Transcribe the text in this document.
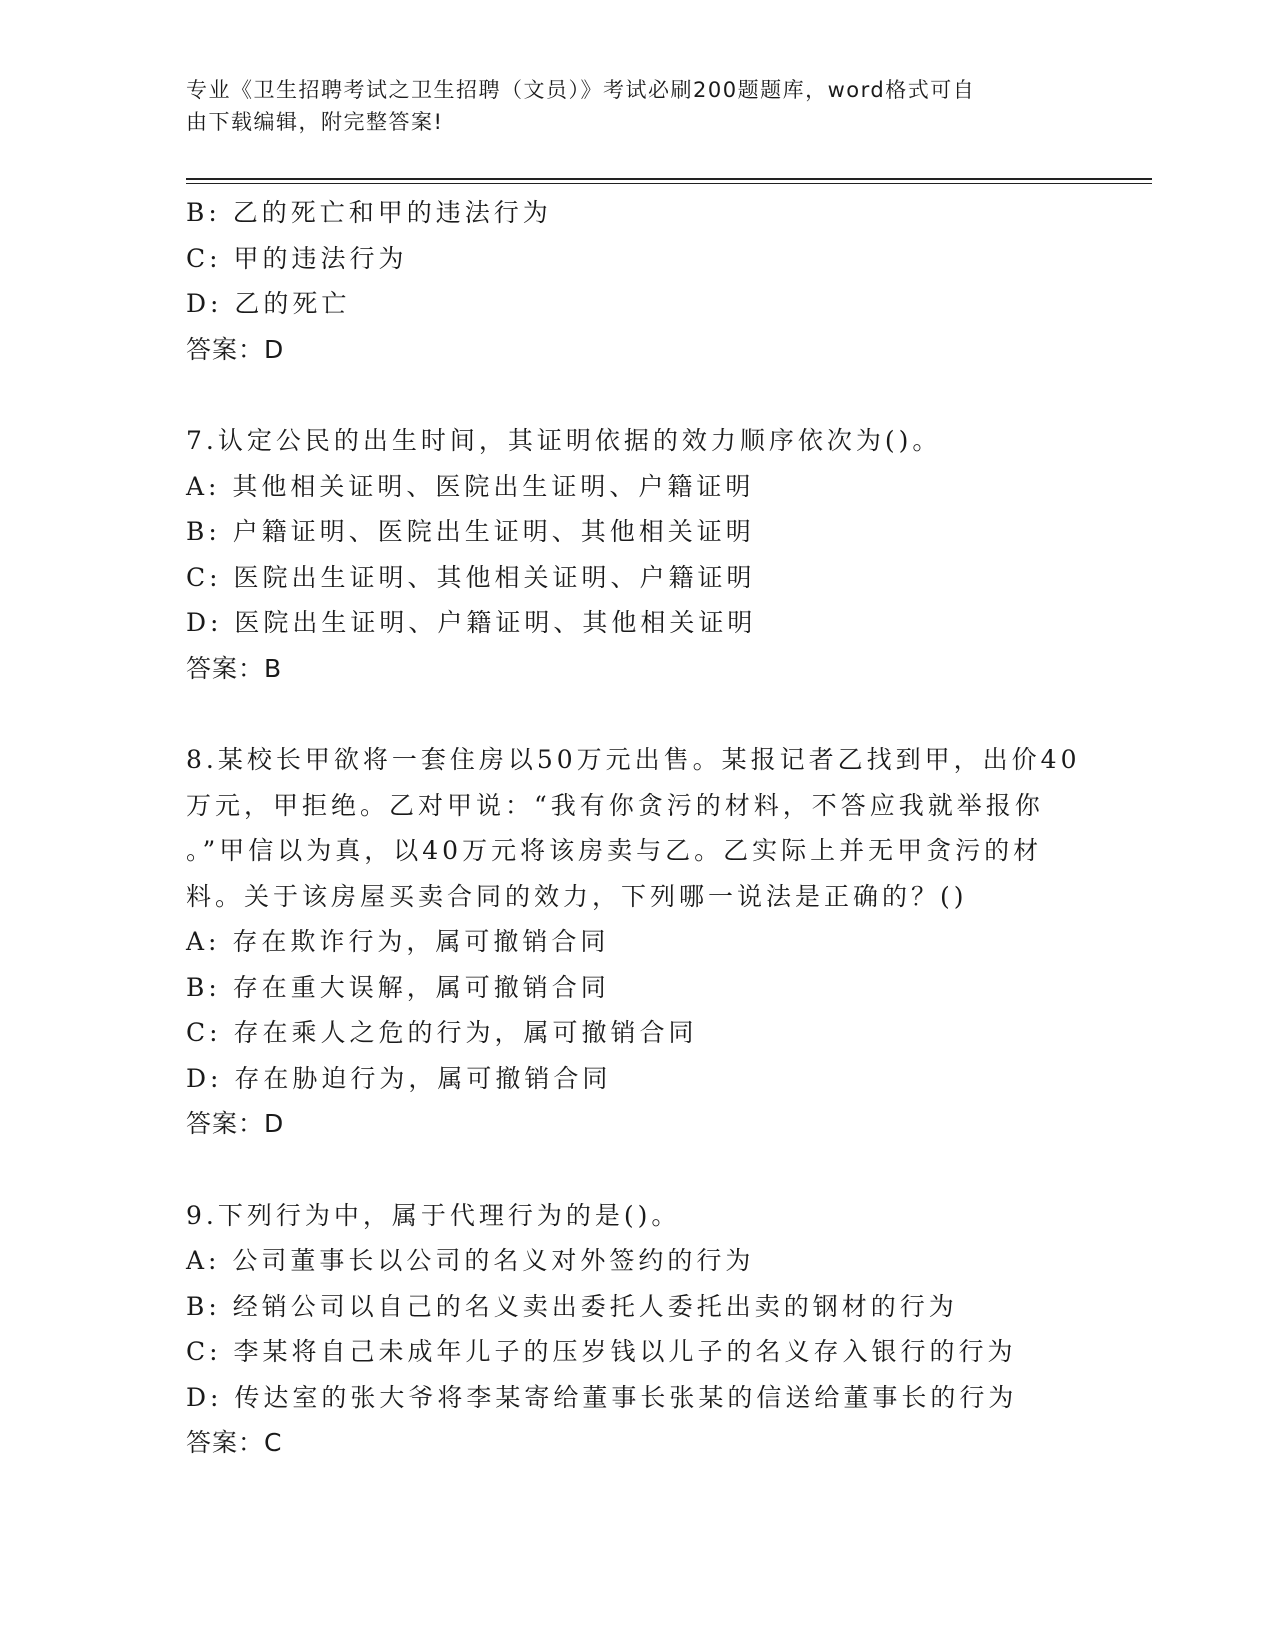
专业《卫生招聘考试之卫生招聘（文员）》考试必刷200题题库，word格式可自
由下载编辑，附完整答案!
B: 乙的死亡和甲的违法行为
C: 甲的违法行为
D: 乙的死亡
答案：D
7.认定公民的出生时间，其证明依据的效力顺序依次为()。
A: 其他相关证明、医院出生证明、户籍证明
B: 户籍证明、医院出生证明、其他相关证明
C: 医院出生证明、其他相关证明、户籍证明
D: 医院出生证明、户籍证明、其他相关证明
答案：B
8.某校长甲欲将一套住房以50万元出售。某报记者乙找到甲，出价40
万元，甲拒绝。乙对甲说：“我有你贪污的材料，不答应我就举报你
。”甲信以为真，以40万元将该房卖与乙。乙实际上并无甲贪污的材
料。关于该房屋买卖合同的效力，下列哪一说法是正确的？()
A: 存在欺诈行为，属可撤销合同
B: 存在重大误解，属可撤销合同
C: 存在乘人之危的行为，属可撤销合同
D: 存在胁迫行为，属可撤销合同
答案：D
9.下列行为中，属于代理行为的是()。
A: 公司董事长以公司的名义对外签约的行为
B: 经销公司以自己的名义卖出委托人委托出卖的钢材的行为
C: 李某将自己未成年儿子的压岁钱以儿子的名义存入银行的行为
D: 传达室的张大爷将李某寄给董事长张某的信送给董事长的行为
答案：C
